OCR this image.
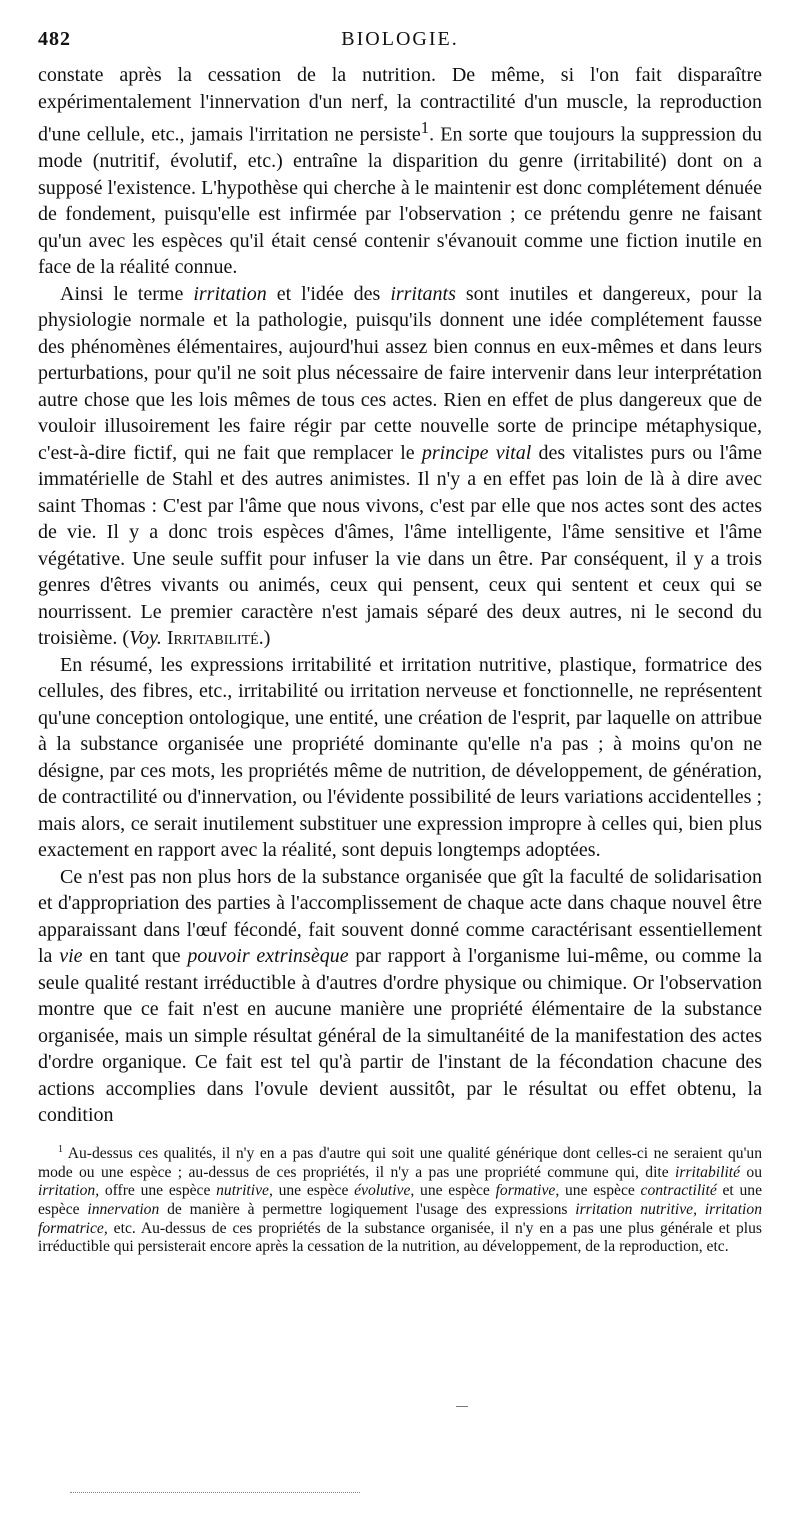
482	BIOLOGIE.

constate après la cessation de la nutrition. De même, si l'on fait disparaître expérimentalement l'innervation d'un nerf, la contractilité d'un muscle, la reproduction d'une cellule, etc., jamais l'irritation ne persiste$^1$. En sorte que toujours la suppression du mode (nutritif, évolutif, etc.) entraîne la disparition du genre (irritabilité) dont on a supposé l'existence. L'hypothèse qui cherche à le maintenir est donc complétement dénuée de fondement, puisqu'elle est infirmée par l'observation ; ce prétendu genre ne faisant qu'un avec les espèces qu'il était censé contenir s'évanouit comme une fiction inutile en face de la réalité connue.

Ainsi le terme irritation et l'idée des irritants sont inutiles et dangereux, pour la physiologie normale et la pathologie, puisqu'ils donnent une idée complétement fausse des phénomènes élémentaires, aujourd'hui assez bien connus en eux-mêmes et dans leurs perturbations, pour qu'il ne soit plus nécessaire de faire intervenir dans leur interprétation autre chose que les lois mêmes de tous ces actes. Rien en effet de plus dangereux que de vouloir illusoirement les faire régir par cette nouvelle sorte de principe métaphysique, c'est-à-dire fictif, qui ne fait que remplacer le principe vital des vitalistes purs ou l'âme immatérielle de Stahl et des autres animistes. Il n'y a en effet pas loin de là à dire avec saint Thomas : C'est par l'âme que nous vivons, c'est par elle que nos actes sont des actes de vie. Il y a donc trois espèces d'âmes, l'âme intelligente, l'âme sensitive et l'âme végétative. Une seule suffit pour infuser la vie dans un être. Par conséquent, il y a trois genres d'êtres vivants ou animés, ceux qui pensent, ceux qui sentent et ceux qui se nourrissent. Le premier caractère n'est jamais séparé des deux autres, ni le second du troisième. (Voy. Irritabilité.)

En résumé, les expressions irritabilité et irritation nutritive, plastique, formatrice des cellules, des fibres, etc., irritabilité ou irritation nerveuse et fonctionnelle, ne représentent qu'une conception ontologique, une entité, une création de l'esprit, par laquelle on attribue à la substance organisée une propriété dominante qu'elle n'a pas ; à moins qu'on ne désigne, par ces mots, les propriétés même de nutrition, de développement, de génération, de contractilité ou d'innervation, ou l'évidente possibilité de leurs variations accidentelles ; mais alors, ce serait inutilement substituer une expression impropre à celles qui, bien plus exactement en rapport avec la réalité, sont depuis longtemps adoptées.

Ce n'est pas non plus hors de la substance organisée que gît la faculté de solidarisation et d'appropriation des parties à l'accomplissement de chaque acte dans chaque nouvel être apparaissant dans l'œuf fécondé, fait souvent donné comme caractérisant essentiellement la vie en tant que pouvoir extrinsèque par rapport à l'organisme lui-même, ou comme la seule qualité restant irréductible à d'autres d'ordre physique ou chimique. Or l'observation montre que ce fait n'est en aucune manière une propriété élémentaire de la substance organisée, mais un simple résultat général de la simultanéité de la manifestation des actes d'ordre organique. Ce fait est tel qu'à partir de l'instant de la fécondation chacune des actions accomplies dans l'ovule devient aussitôt, par le résultat ou effet obtenu, la condition

$^1$ Au-dessus ces qualités, il n'y en a pas d'autre qui soit une qualité générique dont celles-ci ne seraient qu'un mode ou une espèce ; au-dessus de ces propriétés, il n'y a pas une propriété commune qui, dite irritabilité ou irritation, offre une espèce nutritive, une espèce évolutive, une espèce formative, une espèce contractilité et une espèce innervation de manière à permettre logiquement l'usage des expressions irritation nutritive, irritation formatrice, etc. Au-dessus de ces propriétés de la substance organisée, il n'y en a pas une plus générale et plus irréductible qui persisterait encore après la cessation de la nutrition, au développement, de la reproduction, etc.
